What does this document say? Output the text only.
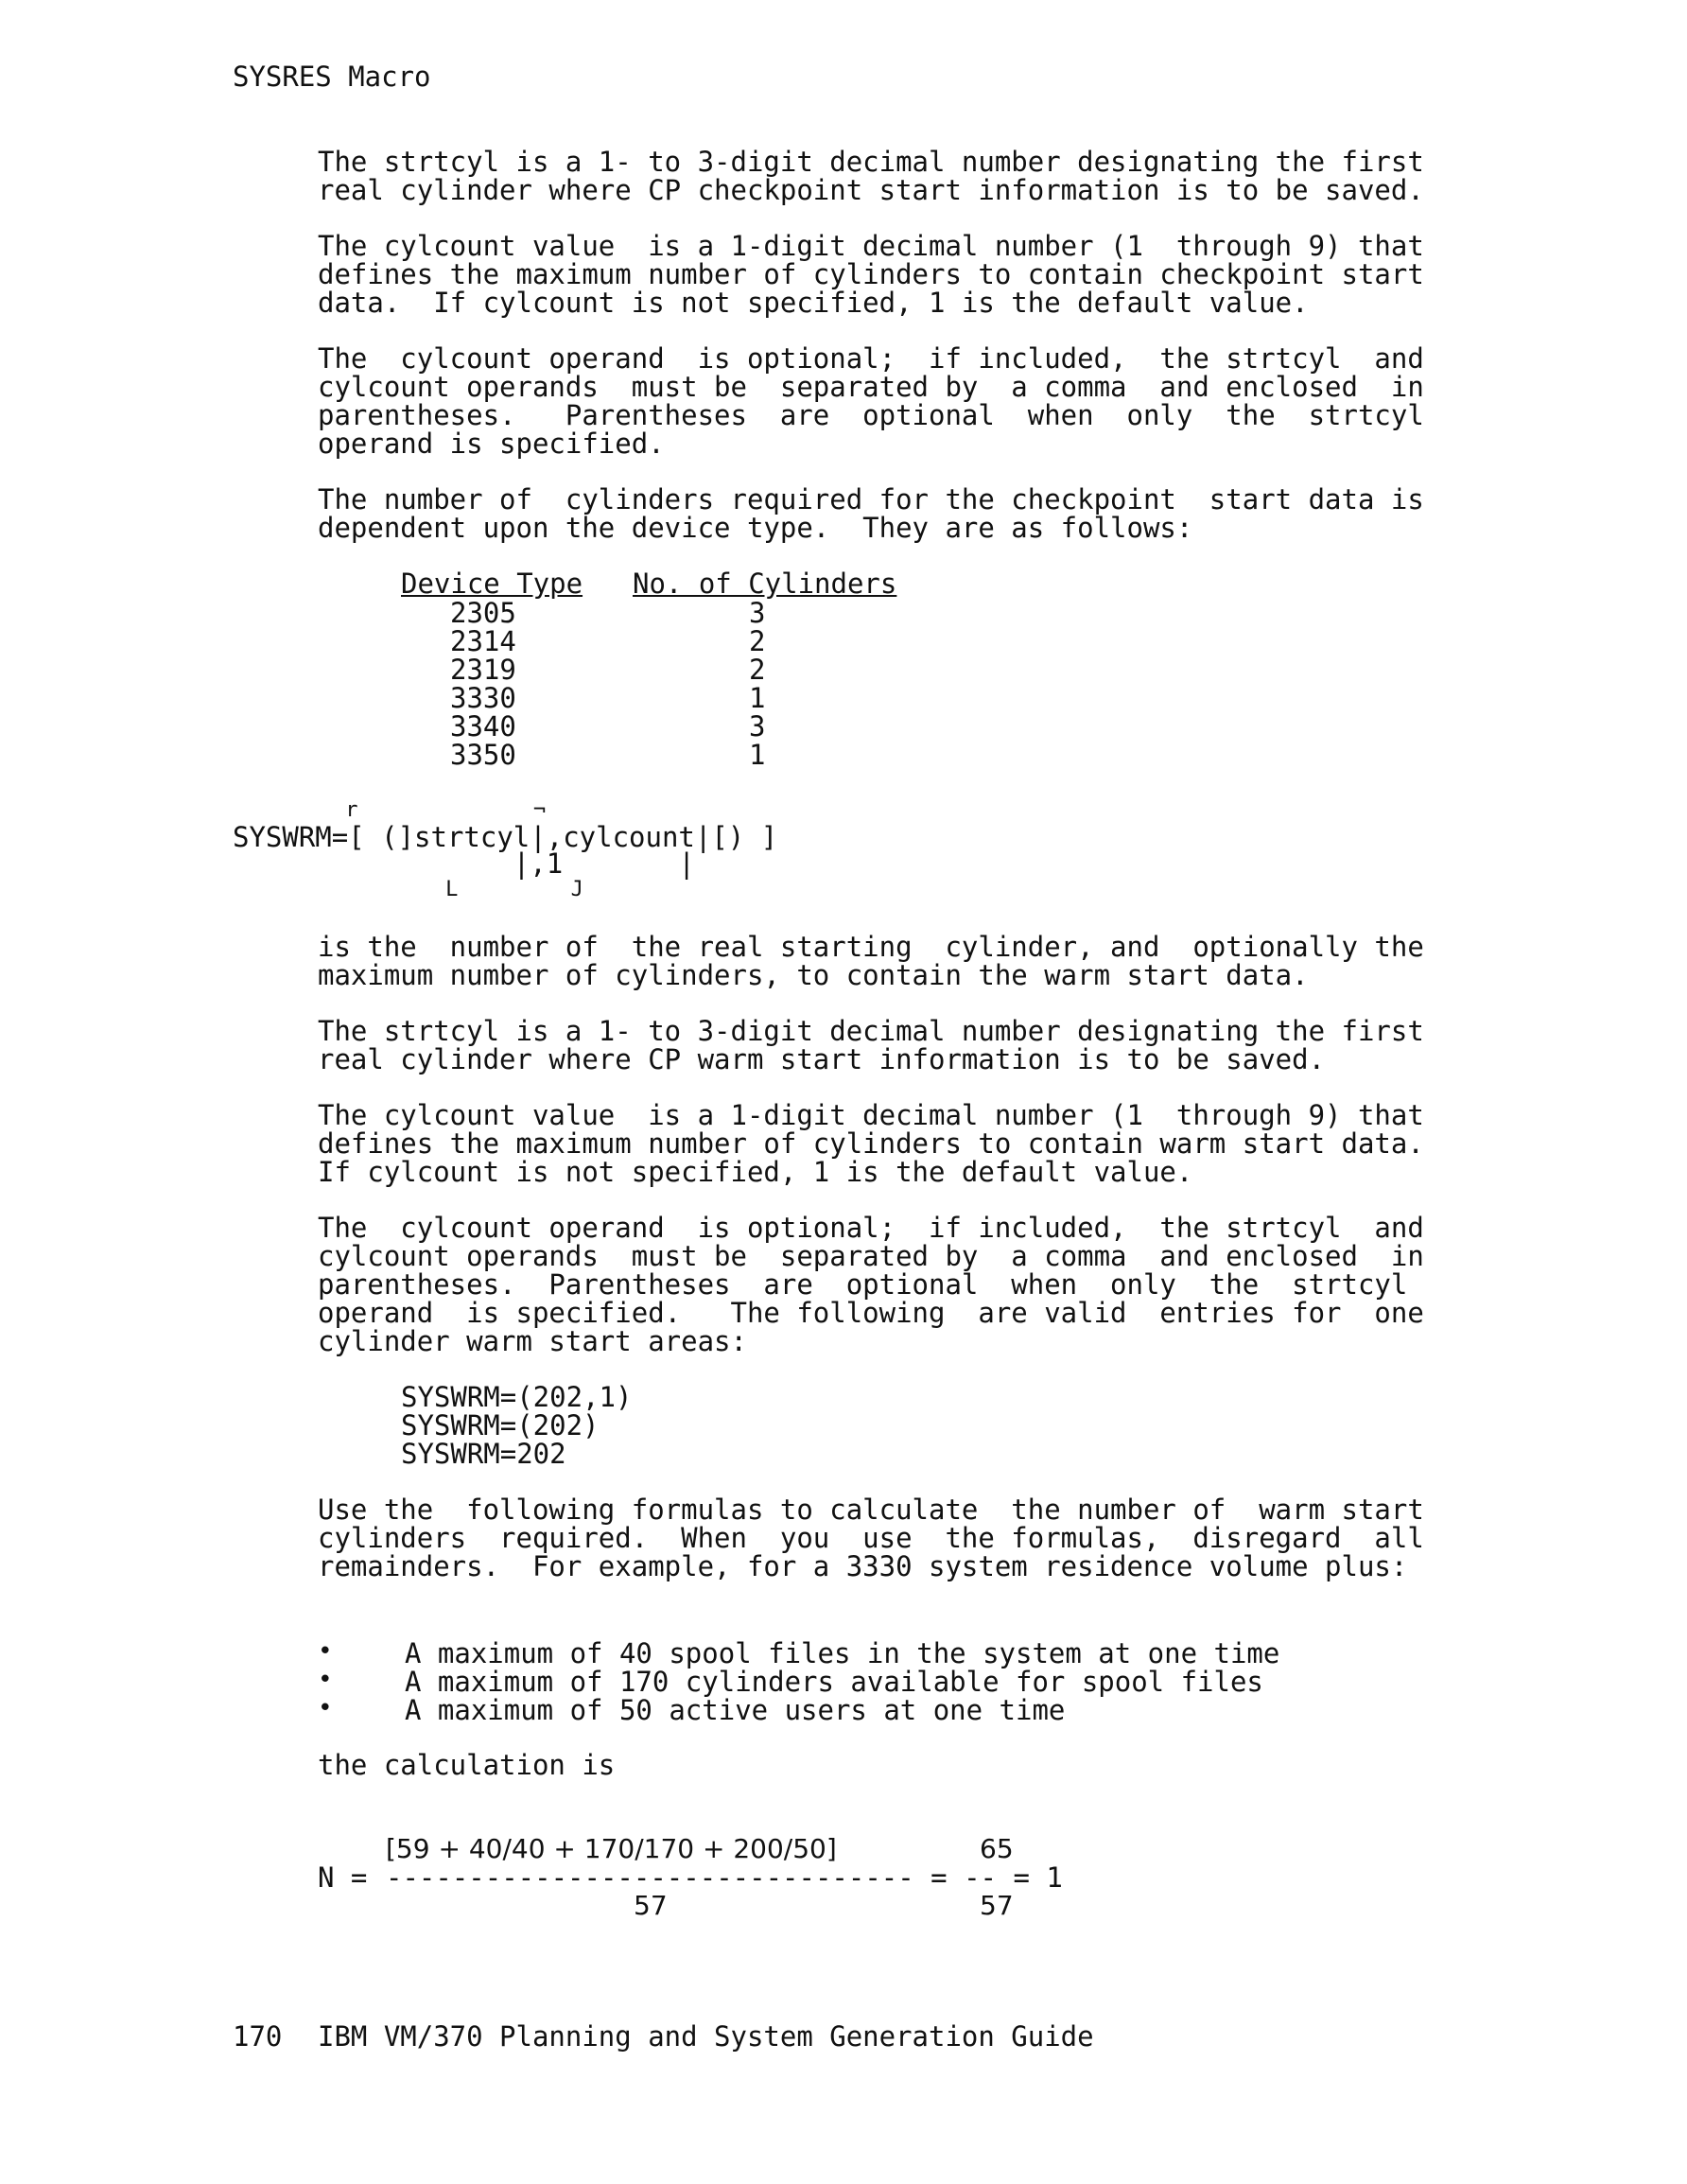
SYSRES Macro
The strtcyl is a 1- to 3-digit decimal number designating the first
real cylinder where CP checkpoint start information is to be saved.
The cylcount value  is a 1-digit decimal number (1  through 9) that
defines the maximum number of cylinders to contain checkpoint start
data.  If cylcount is not specified, 1 is the default value.
The  cylcount operand  is optional;  if included,  the strtcyl  and
cylcount operands  must be  separated by  a comma  and enclosed  in
parentheses.   Parentheses  are  optional  when  only  the  strtcyl
operand is specified.
The number of  cylinders required for the checkpoint  start data is
dependent upon the device type.  They are as follows:
Device Type No. of Cylinders
2305	3
2314	2
2319	2
3330	1
3340	3
3350	1
r              ¬
SYSWRM=[ (]strtcyl|,cylcount|[) ]
|,1       |
L         J
is the  number of  the real starting  cylinder, and  optionally the
maximum number of cylinders, to contain the warm start data.
The strtcyl is a 1- to 3-digit decimal number designating the first
real cylinder where CP warm start information is to be saved.
The cylcount value  is a 1-digit decimal number (1  through 9) that
defines the maximum number of cylinders to contain warm start data.
If cylcount is not specified, 1 is the default value.
The  cylcount operand  is optional;  if included,  the strtcyl  and
cylcount operands  must be  separated by  a comma  and enclosed  in
parentheses.  Parentheses  are  optional  when  only  the  strtcyl
operand  is specified.   The following  are valid  entries for  one
cylinder warm start areas:
SYSWRM=(202,1)
SYSWRM=(202)
SYSWRM=202
Use the  following formulas to calculate  the number of  warm start
cylinders  required.  When  you  use  the formulas,  disregard  all
remainders.  For example, for a 3330 system residence volume plus:
•	A maximum of 40 spool files in the system at one time
•	A maximum of 170 cylinders available for spool files
•	A maximum of 50 active users at one time
the calculation is
[59 + 40/40 + 170/170 + 200/50]	65
N = -------------------------------- = -- = 1
57	57
170 IBM VM/370 Planning and System Generation Guide
